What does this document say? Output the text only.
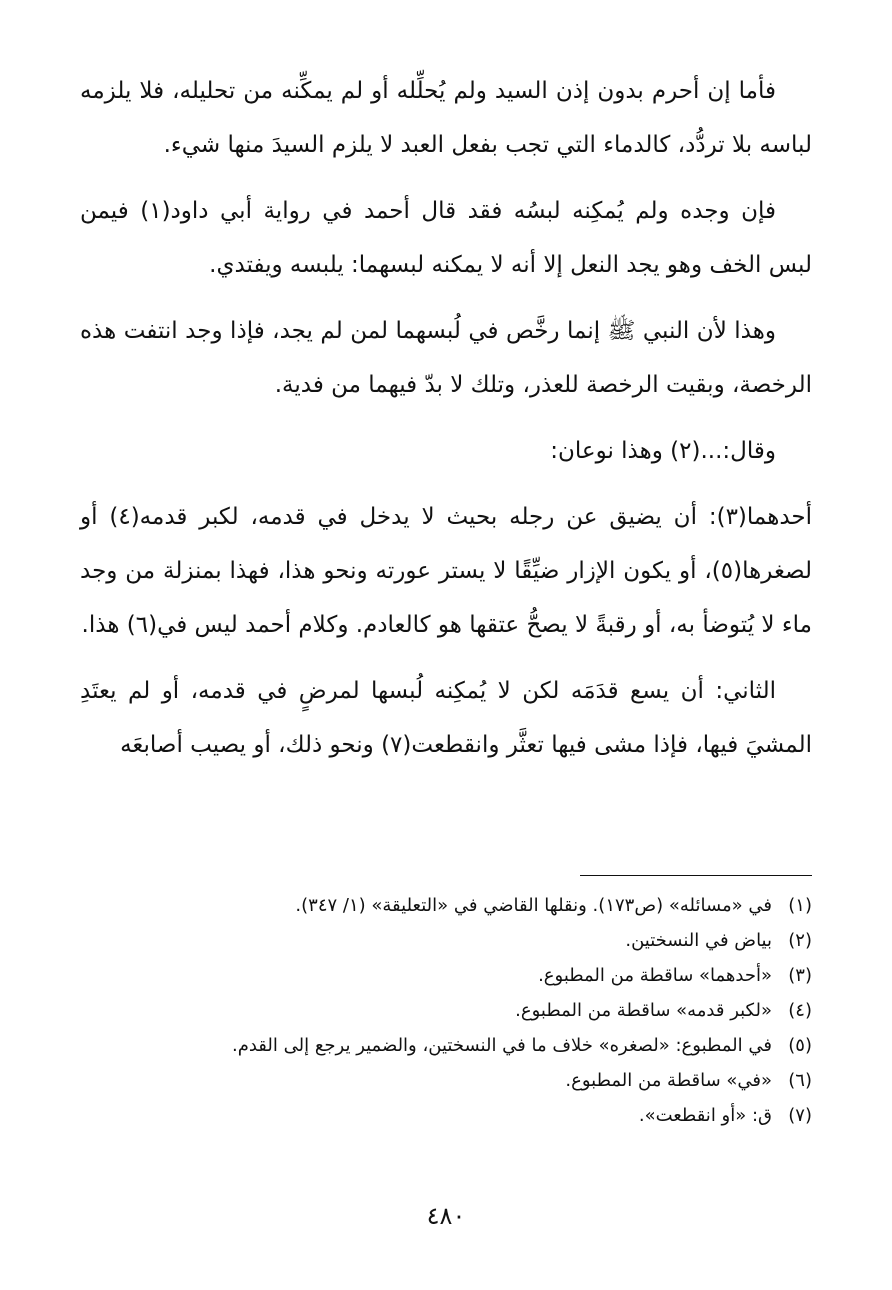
فأما إن أحرم بدون إذن السيد ولم يُحلِّله أو لم يمكِّنه من تحليله، فلا يلزمه لباسه بلا تردُّد، كالدماء التي تجب بفعل العبد لا يلزم السيدَ منها شيء.

فإن وجده ولم يُمكِنه لبسُه فقد قال أحمد في رواية أبي داود(١) فيمن لبس الخف وهو يجد النعل إلا أنه لا يمكنه لبسهما: يلبسه ويفتدي.

وهذا لأن النبي ﷺ إنما رخَّص في لُبسهما لمن لم يجد، فإذا وجد انتفت هذه الرخصة، وبقيت الرخصة للعذر، وتلك لا بدّ فيهما من فدية.

وقال:...(٢) وهذا نوعان:

أحدهما(٣): أن يضيق عن رجله بحيث لا يدخل في قدمه، لكبر قدمه(٤) أو لصغرها(٥)، أو يكون الإزار ضيِّقًا لا يستر عورته ونحو هذا، فهذا بمنزلة من وجد ماء لا يُتوضأ به، أو رقبةً لا يصحُّ عتقها هو كالعادم. وكلام أحمد ليس في(٦) هذا.

الثاني: أن يسع قدَمَه لكن لا يُمكِنه لُبسها لمرضٍ في قدمه، أو لم يعتَدِ المشيَ فيها، فإذا مشى فيها تعثَّر وانقطعت(٧) ونحو ذلك، أو يصيب أصابعَه

(١)في «مسائله» (ص١٧٣). ونقلها القاضي في «التعليقة» (١/ ٣٤٧).
(٢)بياض في النسختين.
(٣)«أحدهما» ساقطة من المطبوع.
(٤)«لكبر قدمه» ساقطة من المطبوع.
(٥)في المطبوع: «لصغره» خلاف ما في النسختين، والضمير يرجع إلى القدم.
(٦)«في» ساقطة من المطبوع.
(٧)ق: «أو انقطعت».
٤٨٠
